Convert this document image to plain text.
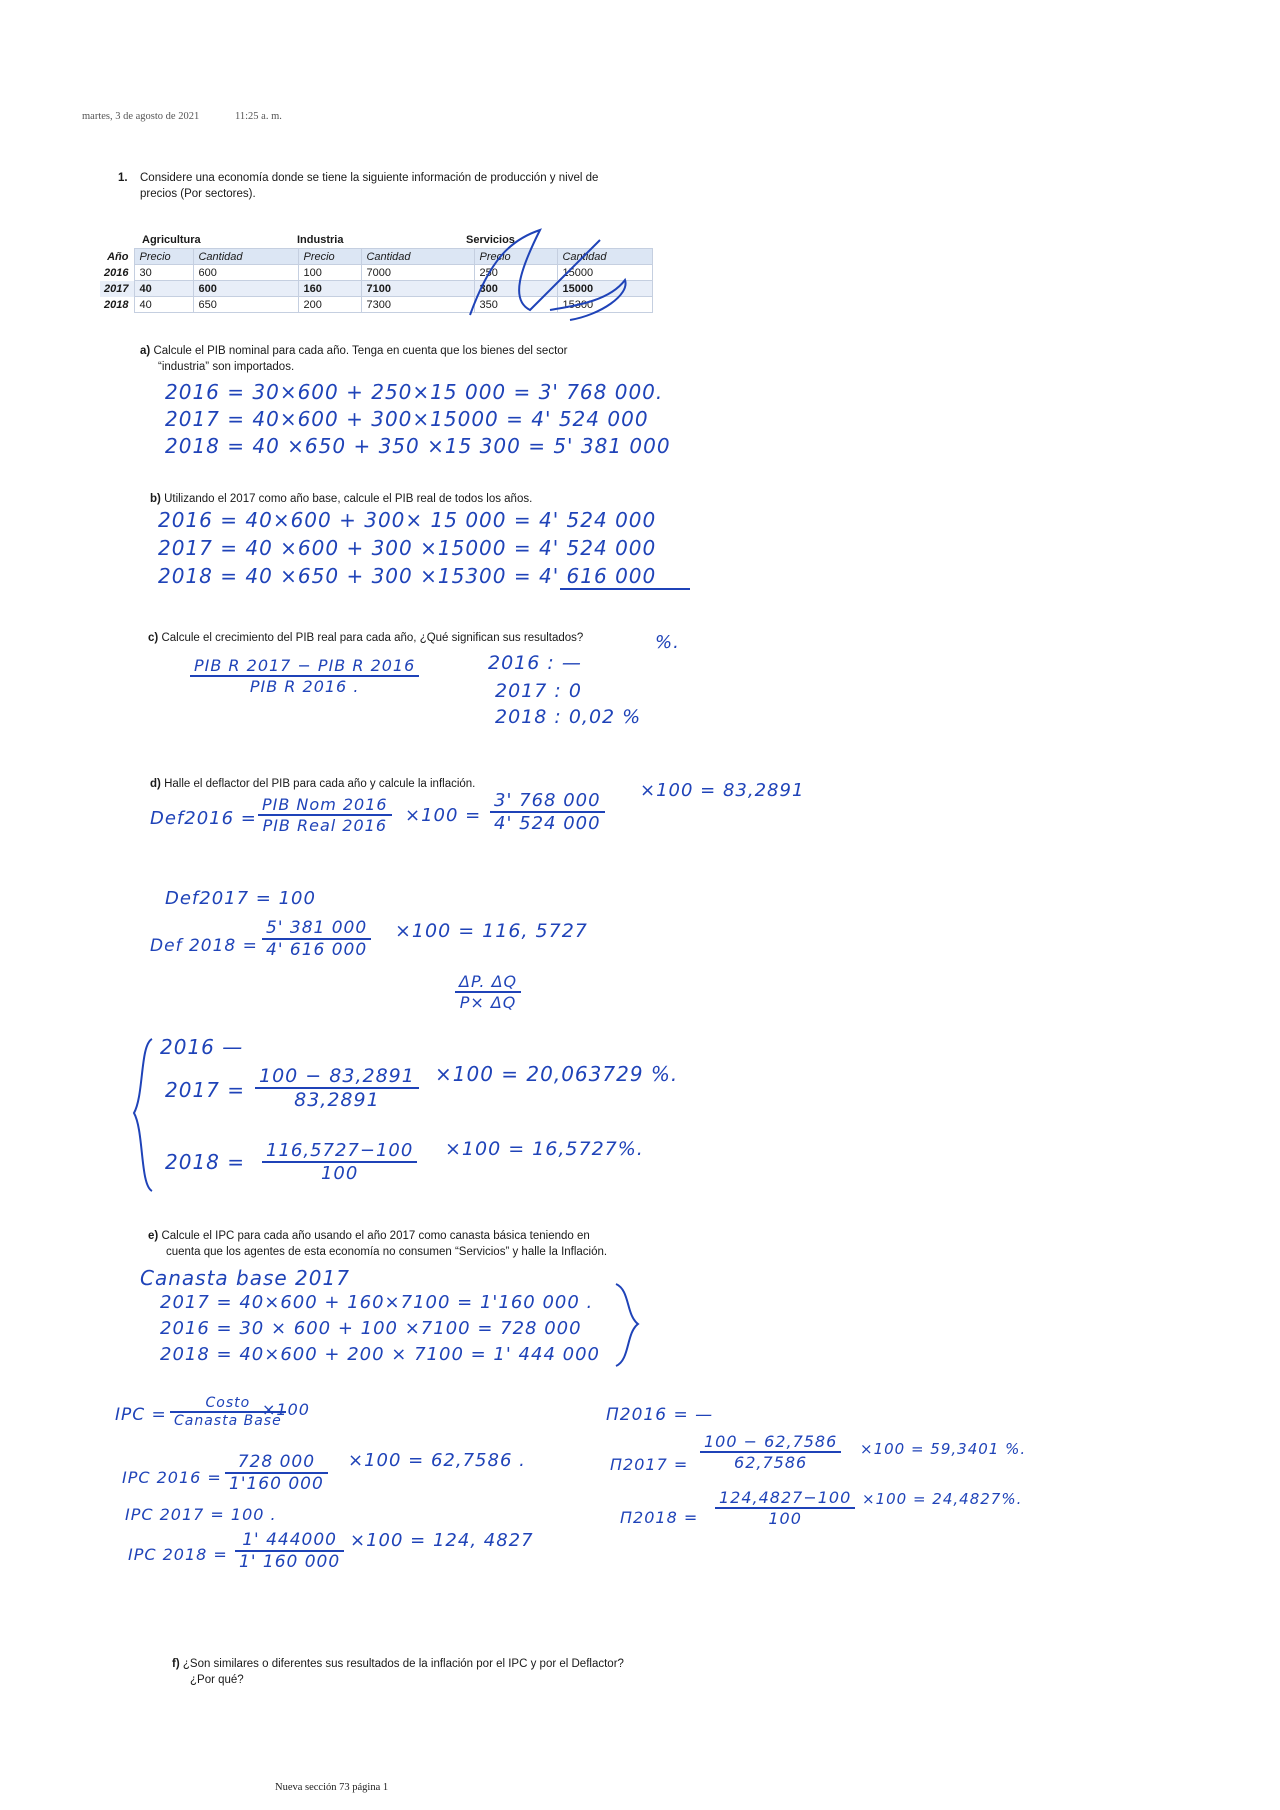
martes, 3 de agosto de 2021	11:25 a. m.
1. Considere una economía donde se tiene la siguiente información de producción y nivel de
precios (Por sectores).
Agricultura	Industria	Servicios
Año	Precio	Cantidad	Precio	Cantidad	Precio	Cantidad
2016	30	600	100	7000	250	15000
2017	40	600	160	7100	300	15000
2018	40	650	200	7300	350	15300
a) Calcule el PIB nominal para cada año. Tenga en cuenta que los bienes del sector
“industria” son importados.
2016 = 30×600 + 250×15 000 = 3' 768 000.
2017 = 40×600 + 300×15000 = 4' 524 000
2018 = 40 ×650 + 350 ×15 300 = 5' 381 000
b) Utilizando el 2017 como año base, calcule el PIB real de todos los años.
2016 = 40×600 + 300× 15 000 = 4' 524 000
2017 = 40 ×600 + 300 ×15000 = 4' 524 000
2018 = 40 ×650 + 300 ×15300 = 4' 616 000
c) Calcule el crecimiento del PIB real para cada año, ¿Qué significan sus resultados?	%.
PIB R 2017 − PIB R 2016
PIB R 2016 .
2016 : —
2017 : 0
2018 : 0,02 %
d) Halle el deflactor del PIB para cada año y calcule la inflación.
Def2016 =
PIB Nom 2016
PIB Real $2016 \times 100 = \frac{3' 768 000}{4' 524 000} \times 100 = 83,2891$
Def2017 = 100
Def $2018 = \frac{5' 381 000}{4' 616 000} \times 100 = 116$, 5727
$\frac{\Delta P. \Delta Q}{P\times \Delta Q}$
2016 —
$2017 = \frac{100 - 83,2891}{83,2891} \times 100 = 20,063729$ %.
$2018 = \frac{116,5727-100}{100} \times 100 = 16,5727\%$.
e) Calcule el IPC para cada año usando el año 2017 como canasta básica teniendo en
cuenta que los agentes de esta economía no consumen “Servicios” y halle la Inflación.
Canasta base 2017
2017 = 40×600 + 160×7100 = 1'160 000 .
2016 = 30 × 600 + 100 ×7100 = 728 000
2018 = 40×600 + 200 × 7100 = 1' 444 000
IPC =
Costo
Canasta Base
×100
IPC $2016 = \frac{728 000}{1'160 000} \times 100 = 62,7586$ .
IPC 2017 = 100 .
IPC $2018 = \frac{1' 444000}{1' 160 000} \times 100 = 124$, 4827
Π2016 = —
$\Pi 2017 = \frac{100 - 62,7586}{62,7586} \times 100 = 59,3401$ %.
$\Pi 2018 = \frac{124,4827-100}{100} \times 100 = 24,4827\%$.
f) ¿Son similares o diferentes sus resultados de la inflación por el IPC y por el Deflactor?
¿Por qué?
Nueva sección 73 página 1
